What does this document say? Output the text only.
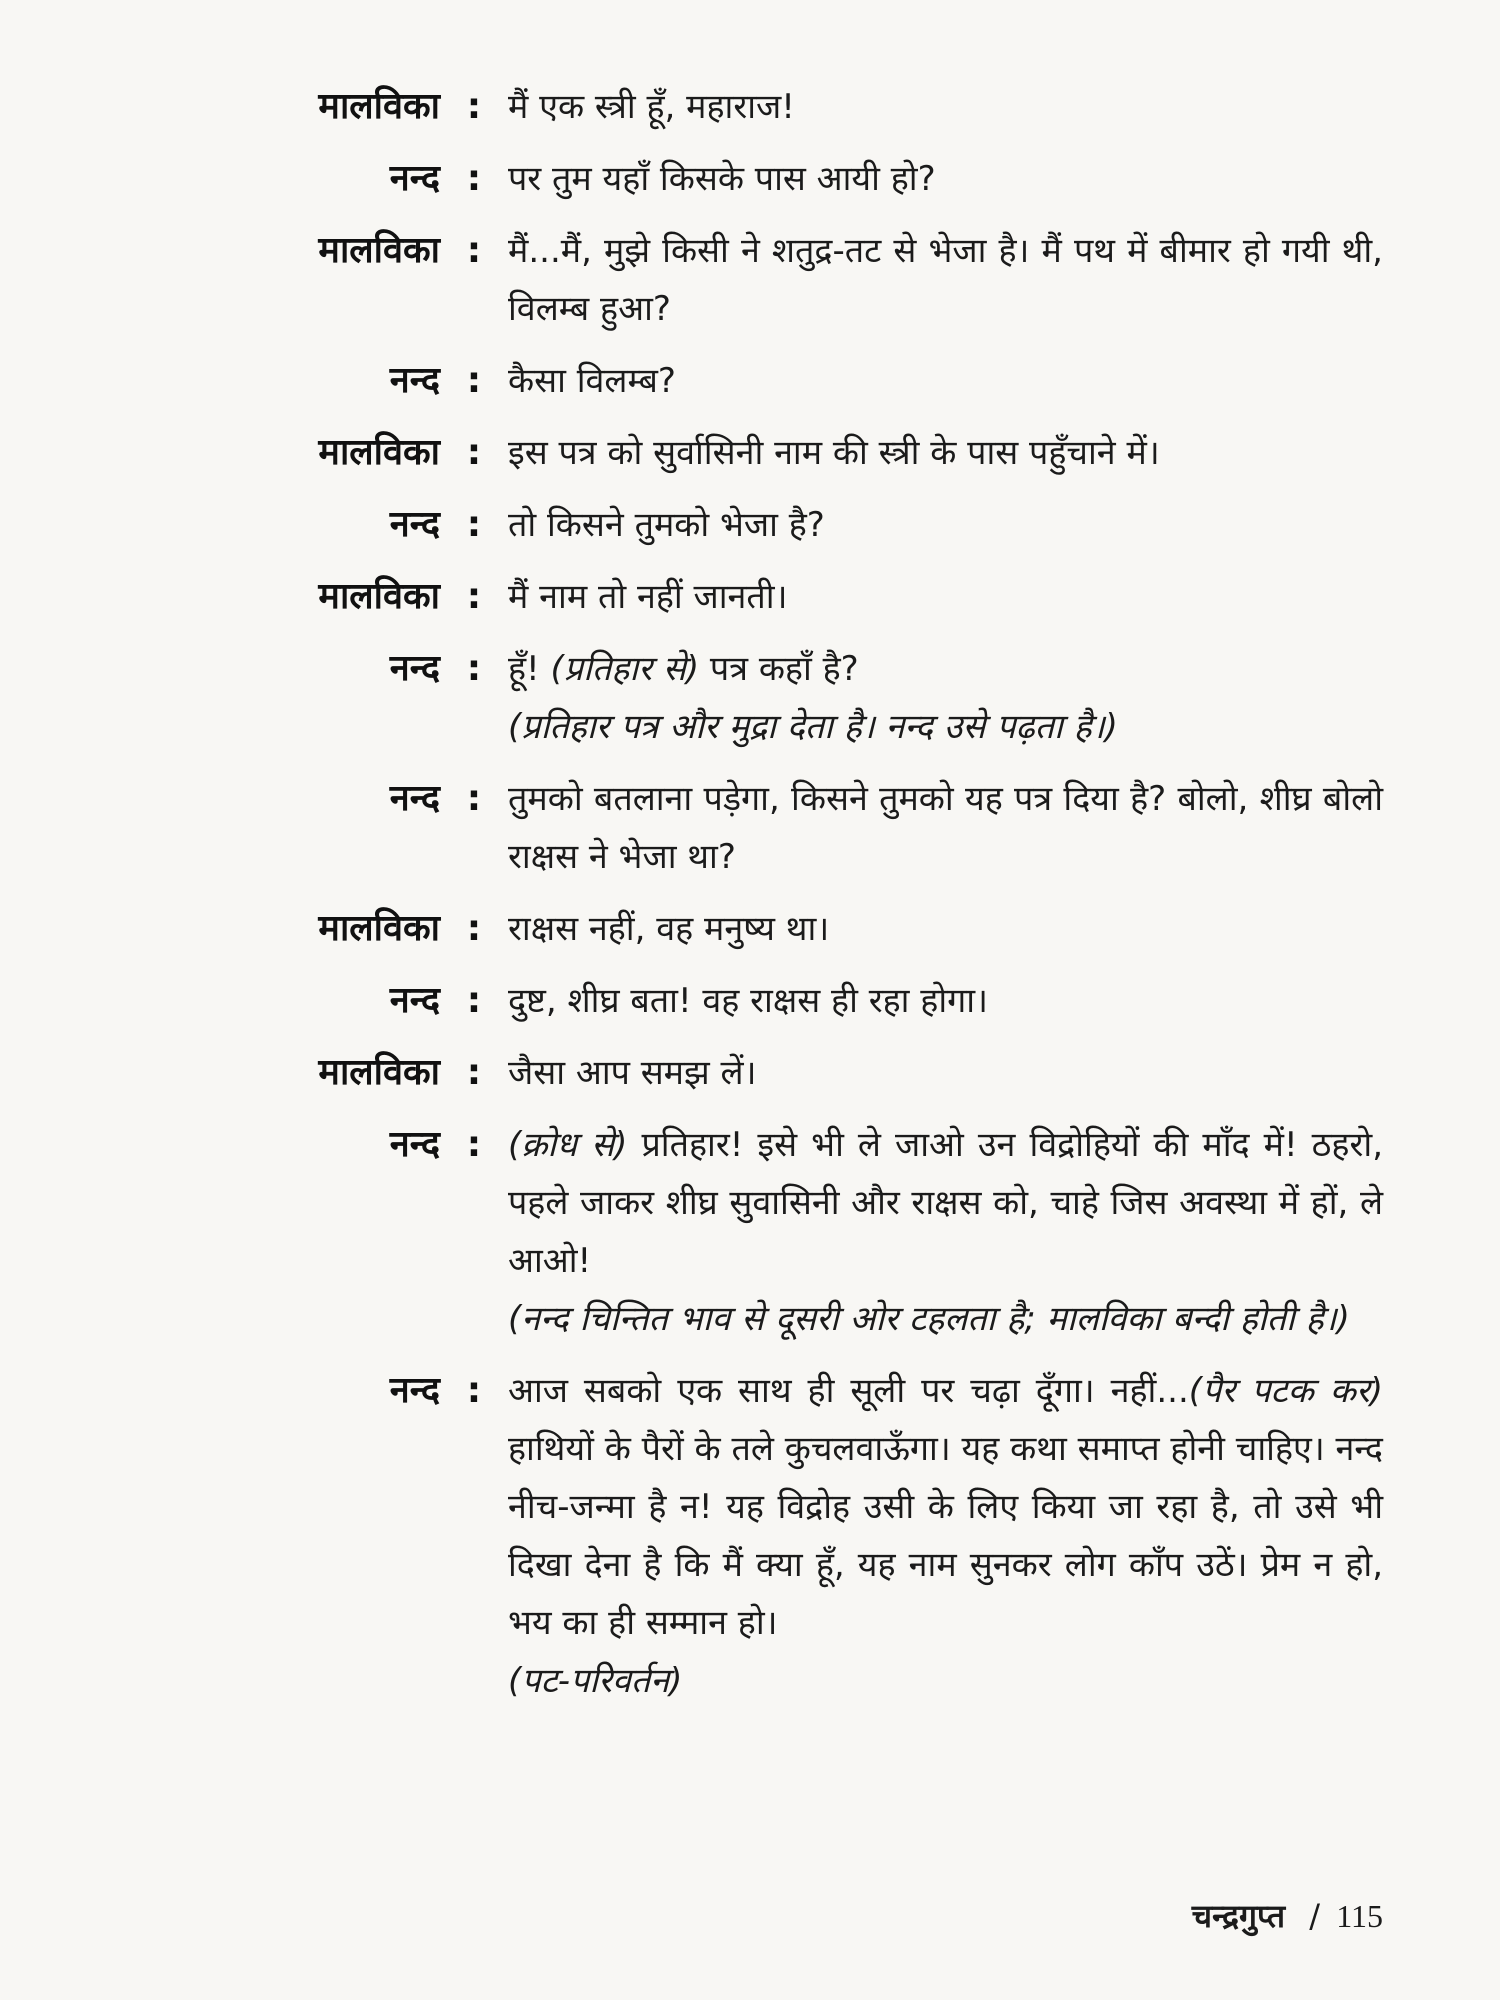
मालविका : मैं एक स्त्री हूँ, महाराज!
नन्द : पर तुम यहाँ किसके पास आयी हो?
मालविका : मैं...मैं, मुझे किसी ने शतुद्र-तट से भेजा है। मैं पथ में बीमार हो गयी थी, विलम्ब हुआ?
नन्द : कैसा विलम्ब?
मालविका : इस पत्र को सुर्वासिनी नाम की स्त्री के पास पहुँचाने में।
नन्द : तो किसने तुमको भेजा है?
मालविका : मैं नाम तो नहीं जानती।
नन्द : हूँ! (प्रतिहार से) पत्र कहाँ है?
(प्रतिहार पत्र और मुद्रा देता है। नन्द उसे पढ़ता है।)
नन्द : तुमको बतलाना पड़ेगा, किसने तुमको यह पत्र दिया है? बोलो, शीघ्र बोलो राक्षस ने भेजा था?
मालविका : राक्षस नहीं, वह मनुष्य था।
नन्द : दुष्ट, शीघ्र बता! वह राक्षस ही रहा होगा।
मालविका : जैसा आप समझ लें।
नन्द : (क्रोध से) प्रतिहार! इसे भी ले जाओ उन विद्रोहियों की माँद में! ठहरो, पहले जाकर शीघ्र सुवासिनी और राक्षस को, चाहे जिस अवस्था में हों, ले आओ!
(नन्द चिन्तित भाव से दूसरी ओर टहलता है; मालविका बन्दी होती है।)
नन्द : आज सबको एक साथ ही सूली पर चढ़ा दूँगा। नहीं...(पैर पटक कर) हाथियों के पैरों के तले कुचलवाऊँगा। यह कथा समाप्त होनी चाहिए। नन्द नीच-जन्मा है न! यह विद्रोह उसी के लिए किया जा रहा है, तो उसे भी दिखा देना है कि मैं क्या हूँ, यह नाम सुनकर लोग काँप उठें। प्रेम न हो, भय का ही सम्मान हो।
(पट-परिवर्तन)
चन्द्रगुप्त / 115
